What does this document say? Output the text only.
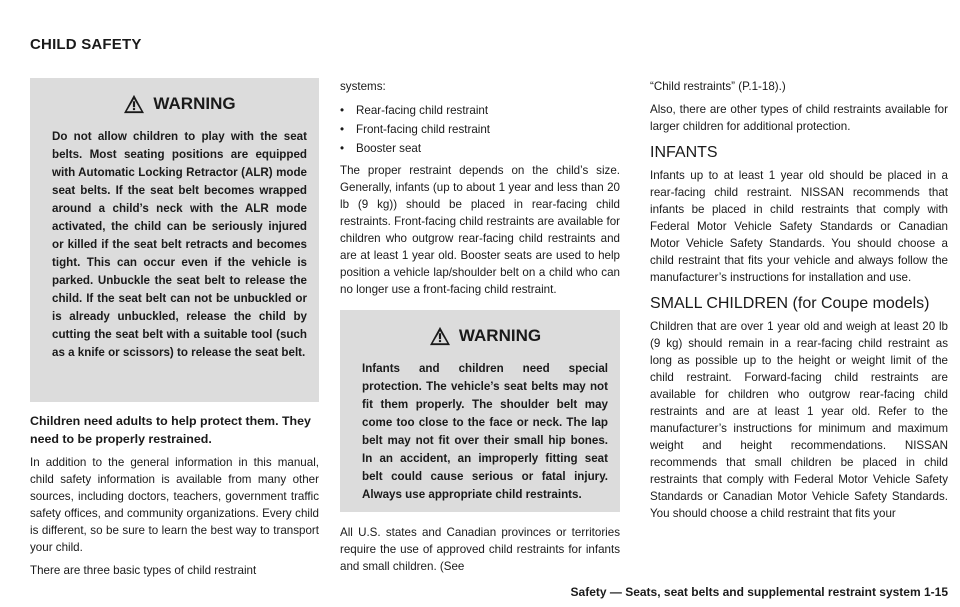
CHILD SAFETY
WARNING
Do not allow children to play with the seat belts. Most seating positions are equipped with Automatic Locking Retractor (ALR) mode seat belts. If the seat belt becomes wrapped around a child’s neck with the ALR mode activated, the child can be seriously injured or killed if the seat belt retracts and becomes tight. This can occur even if the vehicle is parked. Unbuckle the seat belt to release the child. If the seat belt can not be unbuckled or is already unbuckled, release the child by cutting the seat belt with a suitable tool (such as a knife or scissors) to release the seat belt.

Children need adults to help protect them. They need to be properly restrained.

In addition to the general information in this manual, child safety information is available from many other sources, including doctors, teachers, government traffic safety offices, and community organizations. Every child is different, so be sure to learn the best way to transport your child.

There are three basic types of child restraint

systems:

•	Rear-facing child restraint
•	Front-facing child restraint
•	Booster seat

The proper restraint depends on the child’s size. Generally, infants (up to about 1 year and less than 20 lb (9 kg)) should be placed in rear-facing child restraints. Front-facing child restraints are available for children who outgrow rear-facing child restraints and are at least 1 year old. Booster seats are used to help position a vehicle lap/shoulder belt on a child who can no longer use a front-facing child restraint.

WARNING
Infants and children need special protection. The vehicle’s seat belts may not fit them properly. The shoulder belt may come too close to the face or neck. The lap belt may not fit over their small hip bones. In an accident, an improperly fitting seat belt could cause serious or fatal injury. Always use appropriate child restraints.

All U.S. states and Canadian provinces or territories require the use of approved child restraints for infants and small children. (See

“Child restraints” (P.1-18).)

Also, there are other types of child restraints available for larger children for additional protection.

INFANTS

Infants up to at least 1 year old should be placed in a rear-facing child restraint. NISSAN recommends that infants be placed in child restraints that comply with Federal Motor Vehicle Safety Standards or Canadian Motor Vehicle Safety Standards. You should choose a child restraint that fits your vehicle and always follow the manufacturer’s instructions for installation and use.

SMALL CHILDREN (for Coupe models)

Children that are over 1 year old and weigh at least 20 lb (9 kg) should remain in a rear-facing child restraint as long as possible up to the height or weight limit of the child restraint. Forward-facing child restraints are available for children who outgrow rear-facing child restraints and are at least 1 year old. Refer to the manufacturer’s instructions for minimum and maximum weight and height recommendations. NISSAN recommends that small children be placed in child restraints that comply with Federal Motor Vehicle Safety Standards or Canadian Motor Vehicle Safety Standards. You should choose a child restraint that fits your

Safety — Seats, seat belts and supplemental restraint system 1-15
